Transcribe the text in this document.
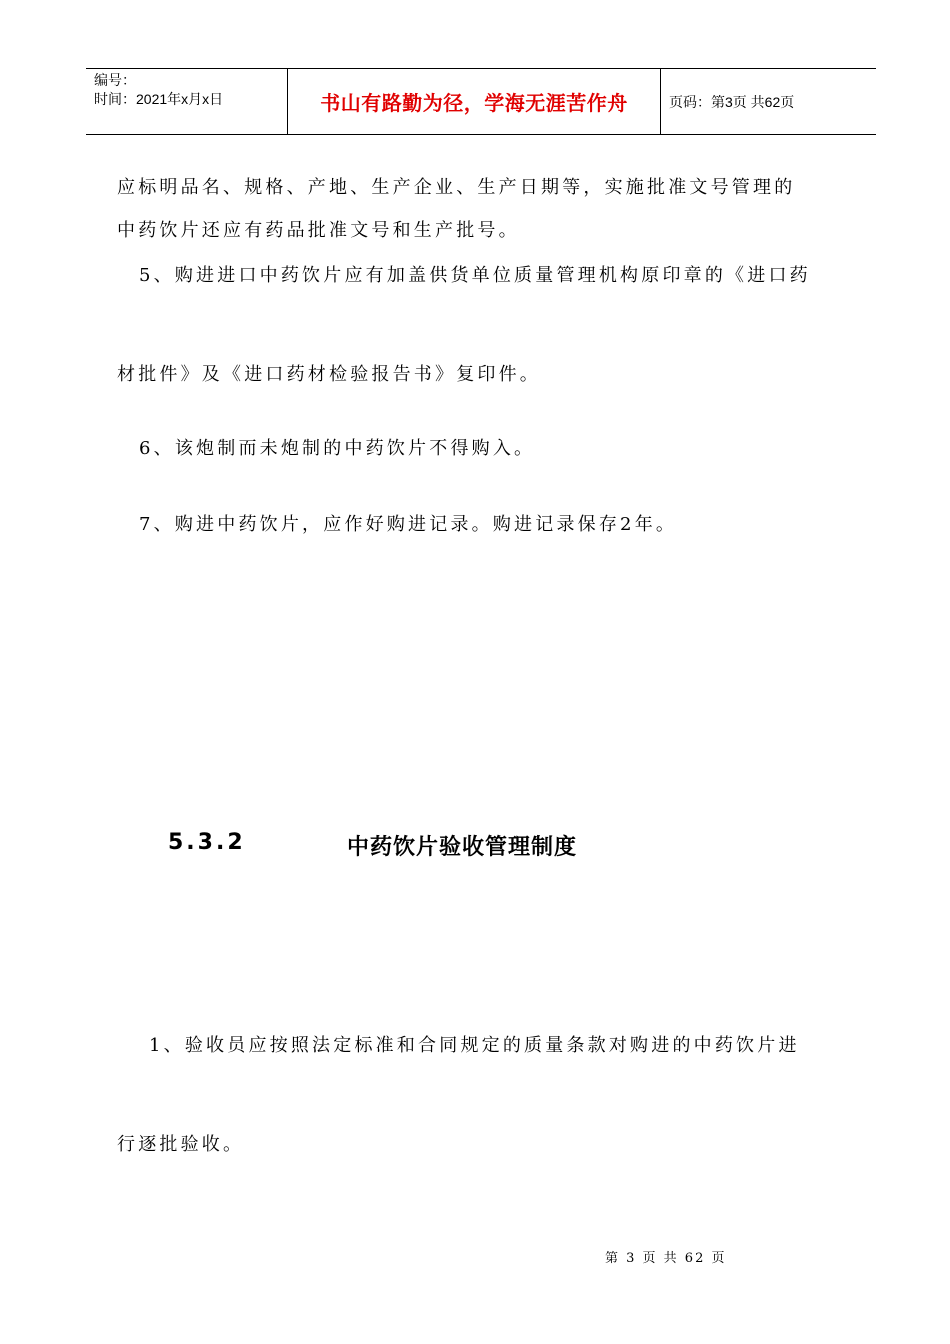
编号：
时间：2021年x月x日	书山有路勤为径，学海无涯苦作舟	页码：第3页 共62页
应标明品名、规格、产地、生产企业、生产日期等，实施批准文号管理的
中药饮片还应有药品批准文号和生产批号。
5、购进进口中药饮片应有加盖供货单位质量管理机构原印章的《进口药
材批件》及《进口药材检验报告书》复印件。
6、该炮制而未炮制的中药饮片不得购入。
7、购进中药饮片，应作好购进记录。购进记录保存2年。
5.3.2	中药饮片验收管理制度
1、验收员应按照法定标准和合同规定的质量条款对购进的中药饮片进
行逐批验收。
第 3 页 共 62 页
